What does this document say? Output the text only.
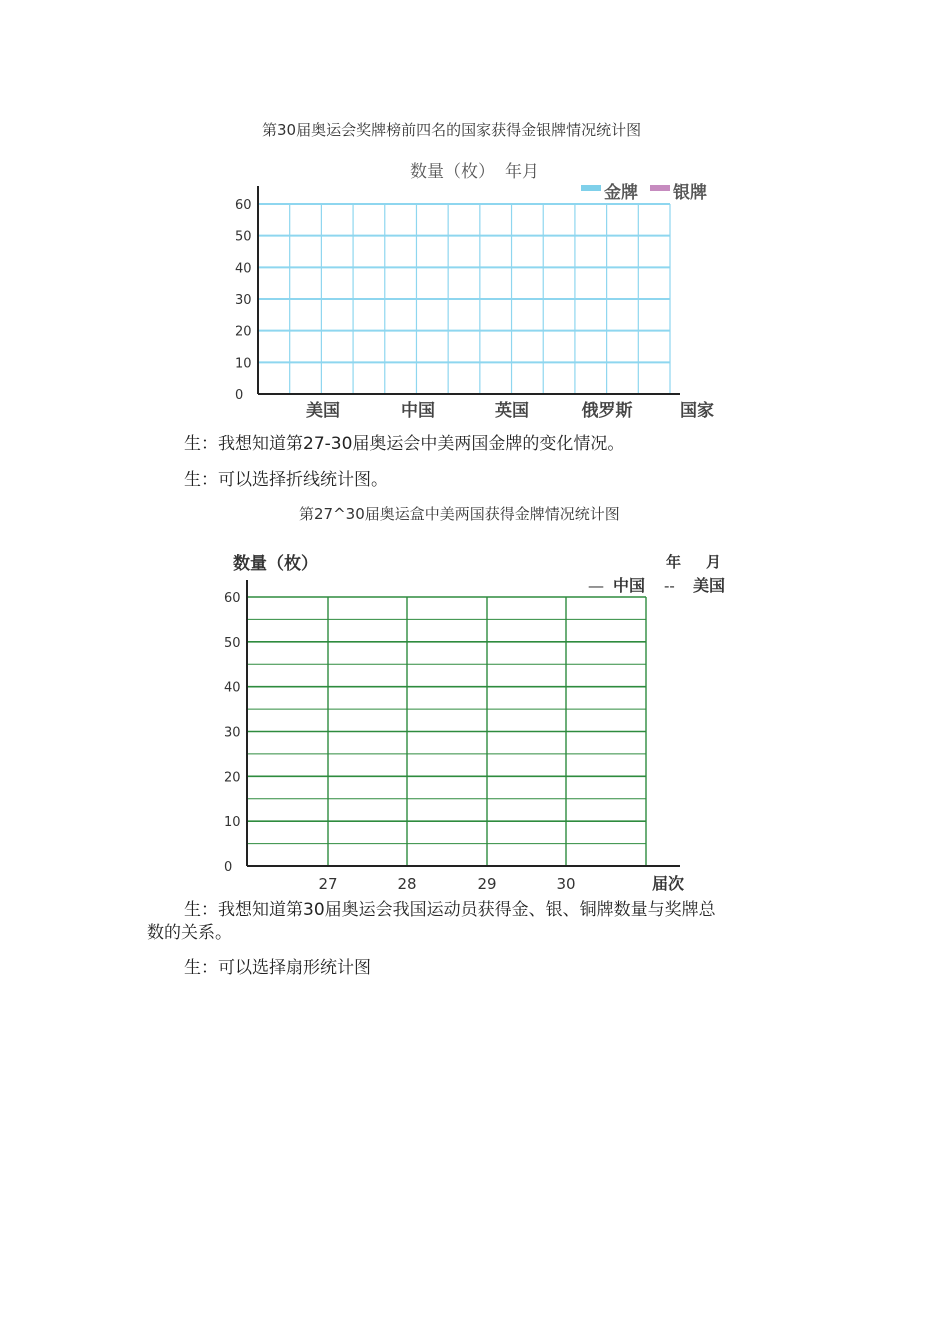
第30届奥运会奖牌榜前四名的国家获得金银牌情况统计图
数量（枚） 年月
金牌 银牌
0
10
20
30
40
50
60
美国	中国	英国	俄罗斯	国家
生：我想知道第27-30届奥运会中美两国金牌的变化情况。
生：可以选择折线统计图。
第27^30届奥运盒中美两国获得金牌情况统计图
数量（枚）	年 月
— 中国 -- 美国
0
10
20
30
40
50
60
27	28	29	30	届次
生：我想知道第30届奥运会我国运动员获得金、银、铜牌数量与奖牌总
数的关系。
生：可以选择扇形统计图
